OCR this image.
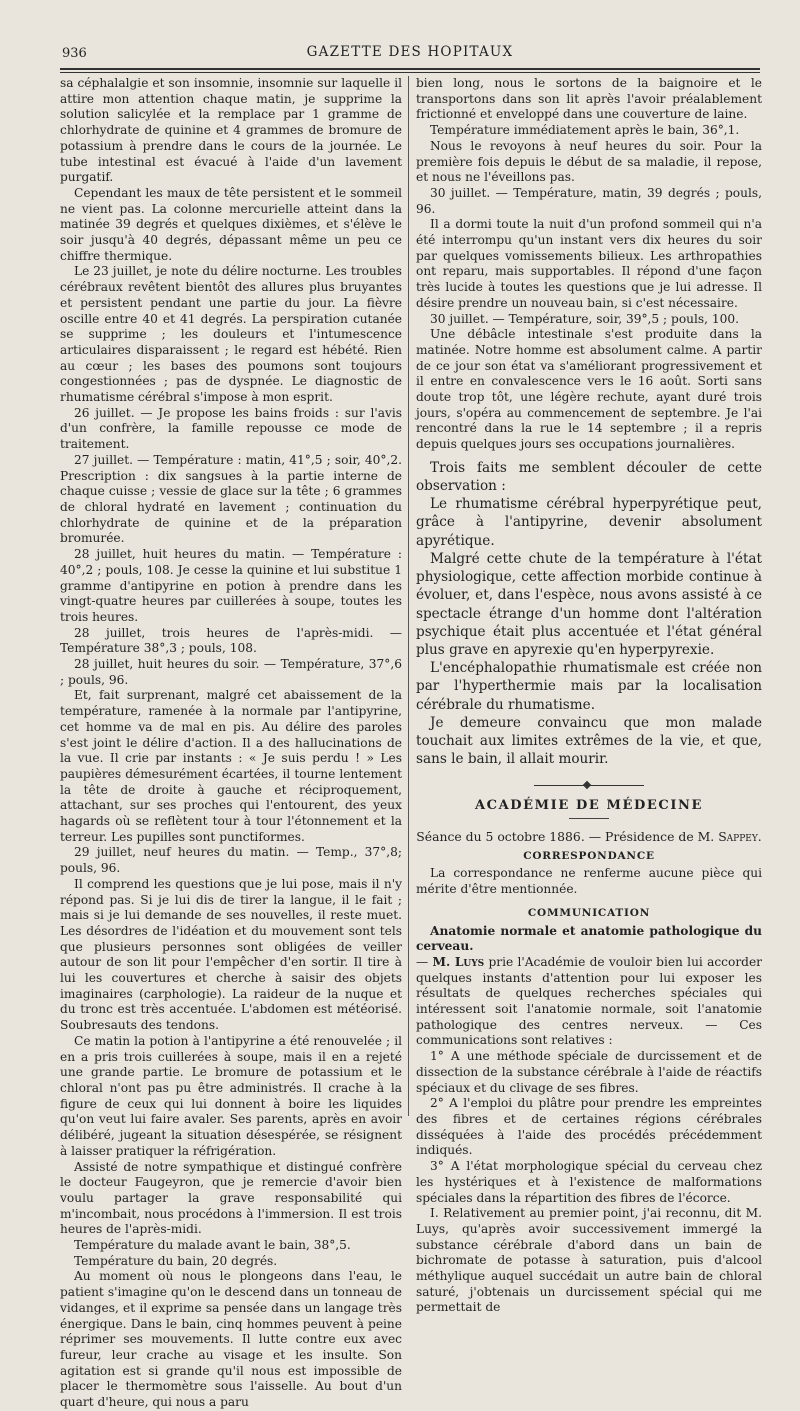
936	GAZETTE DES HOPITAUX

sa céphalalgie et son insomnie, insomnie sur laquelle il attire mon attention chaque matin, je supprime la solution salicylée et la remplace par 1 gramme de chlorhydrate de quinine et 4 grammes de bromure de potassium à prendre dans le cours de la journée. Le tube intestinal est évacué à l'aide d'un lavement purgatif.

Cependant les maux de tête persistent et le sommeil ne vient pas. La colonne mercurielle atteint dans la matinée 39 degrés et quelques dixièmes, et s'élève le soir jusqu'à 40 degrés, dépassant même un peu ce chiffre thermique.

Le 23 juillet, je note du délire nocturne. Les troubles cérébraux revêtent bientôt des allures plus bruyantes et persistent pendant une partie du jour. La fièvre oscille entre 40 et 41 degrés. La perspiration cutanée se supprime ; les douleurs et l'intumescence articulaires disparaissent ; le regard est hébété. Rien au cœur ; les bases des poumons sont toujours congestionnées ; pas de dyspnée. Le diagnostic de rhumatisme cérébral s'impose à mon esprit.

26 juillet. — Je propose les bains froids : sur l'avis d'un confrère, la famille repousse ce mode de traitement.

27 juillet. — Température : matin, 41°,5 ; soir, 40°,2. Prescription : dix sangsues à la partie interne de chaque cuisse ; vessie de glace sur la tête ; 6 grammes de chloral hydraté en lavement ; continuation du chlorhydrate de quinine et de la préparation bromurée.

28 juillet, huit heures du matin. — Température : 40°,2 ; pouls, 108. Je cesse la quinine et lui substitue 1 gramme d'antipyrine en potion à prendre dans les vingt-quatre heures par cuillerées à soupe, toutes les trois heures.

28 juillet, trois heures de l'après-midi. — Température 38°,3 ; pouls, 108.

28 juillet, huit heures du soir. — Température, 37°,6 ; pouls, 96.

Et, fait surprenant, malgré cet abaissement de la température, ramenée à la normale par l'antipyrine, cet homme va de mal en pis. Au délire des paroles s'est joint le délire d'action. Il a des hallucinations de la vue. Il crie par instants : « Je suis perdu ! » Les paupières démesurément écartées, il tourne lentement la tête de droite à gauche et réciproquement, attachant, sur ses proches qui l'entourent, des yeux hagards où se reflètent tour à tour l'étonnement et la terreur. Les pupilles sont punctiformes.

29 juillet, neuf heures du matin. — Temp., 37°,8; pouls, 96.

Il comprend les questions que je lui pose, mais il n'y répond pas. Si je lui dis de tirer la langue, il le fait ; mais si je lui demande de ses nouvelles, il reste muet. Les désordres de l'idéation et du mouvement sont tels que plusieurs personnes sont obligées de veiller autour de son lit pour l'empêcher d'en sortir. Il tire à lui les couvertures et cherche à saisir des objets imaginaires (carphologie). La raideur de la nuque et du tronc est très accentuée. L'abdomen est météorisé. Soubresauts des tendons.

Ce matin la potion à l'antipyrine a été renouvelée ; il en a pris trois cuillerées à soupe, mais il en a rejeté une grande partie. Le bromure de potassium et le chloral n'ont pas pu être administrés. Il crache à la figure de ceux qui lui donnent à boire les liquides qu'on veut lui faire avaler. Ses parents, après en avoir délibéré, jugeant la situation désespérée, se résignent à laisser pratiquer la réfrigération.

Assisté de notre sympathique et distingué confrère le docteur Faugeyron, que je remercie d'avoir bien voulu partager la grave responsabilité qui m'incombait, nous procédons à l'immersion. Il est trois heures de l'après-midi.

Température du malade avant le bain, 38°,5.

Température du bain, 20 degrés.

Au moment où nous le plongeons dans l'eau, le patient s'imagine qu'on le descend dans un tonneau de vidanges, et il exprime sa pensée dans un langage très énergique. Dans le bain, cinq hommes peuvent à peine réprimer ses mouvements. Il lutte contre eux avec fureur, leur crache au visage et les insulte. Son agitation est si grande qu'il nous est impossible de placer le thermomètre sous l'aisselle. Au bout d'un quart d'heure, qui nous a paru

bien long, nous le sortons de la baignoire et le transportons dans son lit après l'avoir préalablement frictionné et enveloppé dans une couverture de laine.

Température immédiatement après le bain, 36°,1.

Nous le revoyons à neuf heures du soir. Pour la première fois depuis le début de sa maladie, il repose, et nous ne l'éveillons pas.

30 juillet. — Température, matin, 39 degrés ; pouls, 96.

Il a dormi toute la nuit d'un profond sommeil qui n'a été interrompu qu'un instant vers dix heures du soir par quelques vomissements bilieux. Les arthropathies ont reparu, mais supportables. Il répond d'une façon très lucide à toutes les questions que je lui adresse. Il désire prendre un nouveau bain, si c'est nécessaire.

30 juillet. — Température, soir, 39°,5 ; pouls, 100.

Une débâcle intestinale s'est produite dans la matinée. Notre homme est absolument calme. A partir de ce jour son état va s'améliorant progressivement et il entre en convalescence vers le 16 août. Sorti sans doute trop tôt, une légère rechute, ayant duré trois jours, s'opéra au commencement de septembre. Je l'ai rencontré dans la rue le 14 septembre ; il a repris depuis quelques jours ses occupations journalières.

Trois faits me semblent découler de cette observation :

Le rhumatisme cérébral hyperpyrétique peut, grâce à l'antipyrine, devenir absolument apyrétique.

Malgré cette chute de la température à l'état physiologique, cette affection morbide continue à évoluer, et, dans l'espèce, nous avons assisté à ce spectacle étrange d'un homme dont l'altération psychique était plus accentuée et l'état général plus grave en apyrexie qu'en hyperpyrexie.

L'encéphalopathie rhumatismale est créée non par l'hyperthermie mais par la localisation cérébrale du rhumatisme.

Je demeure convaincu que mon malade touchait aux limites extrêmes de la vie, et que, sans le bain, il allait mourir.

ACADÉMIE DE MÉDECINE

Séance du 5 octobre 1886. — Présidence de M. Sappey.

CORRESPONDANCE

La correspondance ne renferme aucune pièce qui mérite d'être mentionnée.

COMMUNICATION

Anatomie normale et anatomie pathologique du cerveau.

— M. Luys prie l'Académie de vouloir bien lui accorder quelques instants d'attention pour lui exposer les résultats de quelques recherches spéciales qui intéressent soit l'anatomie normale, soit l'anatomie pathologique des centres nerveux. — Ces communications sont relatives :

1° A une méthode spéciale de durcissement et de dissection de la substance cérébrale à l'aide de réactifs spéciaux et du clivage de ses fibres.

2° A l'emploi du plâtre pour prendre les empreintes des fibres et de certaines régions cérébrales disséquées à l'aide des procédés précédemment indiqués.

3° A l'état morphologique spécial du cerveau chez les hystériques et à l'existence de malformations spéciales dans la répartition des fibres de l'écorce.

I. Relativement au premier point, j'ai reconnu, dit M. Luys, qu'après avoir successivement immergé la substance cérébrale d'abord dans un bain de bichromate de potasse à saturation, puis d'alcool méthylique auquel succédait un autre bain de chloral saturé, j'obtenais un durcissement spécial qui me permettait de
